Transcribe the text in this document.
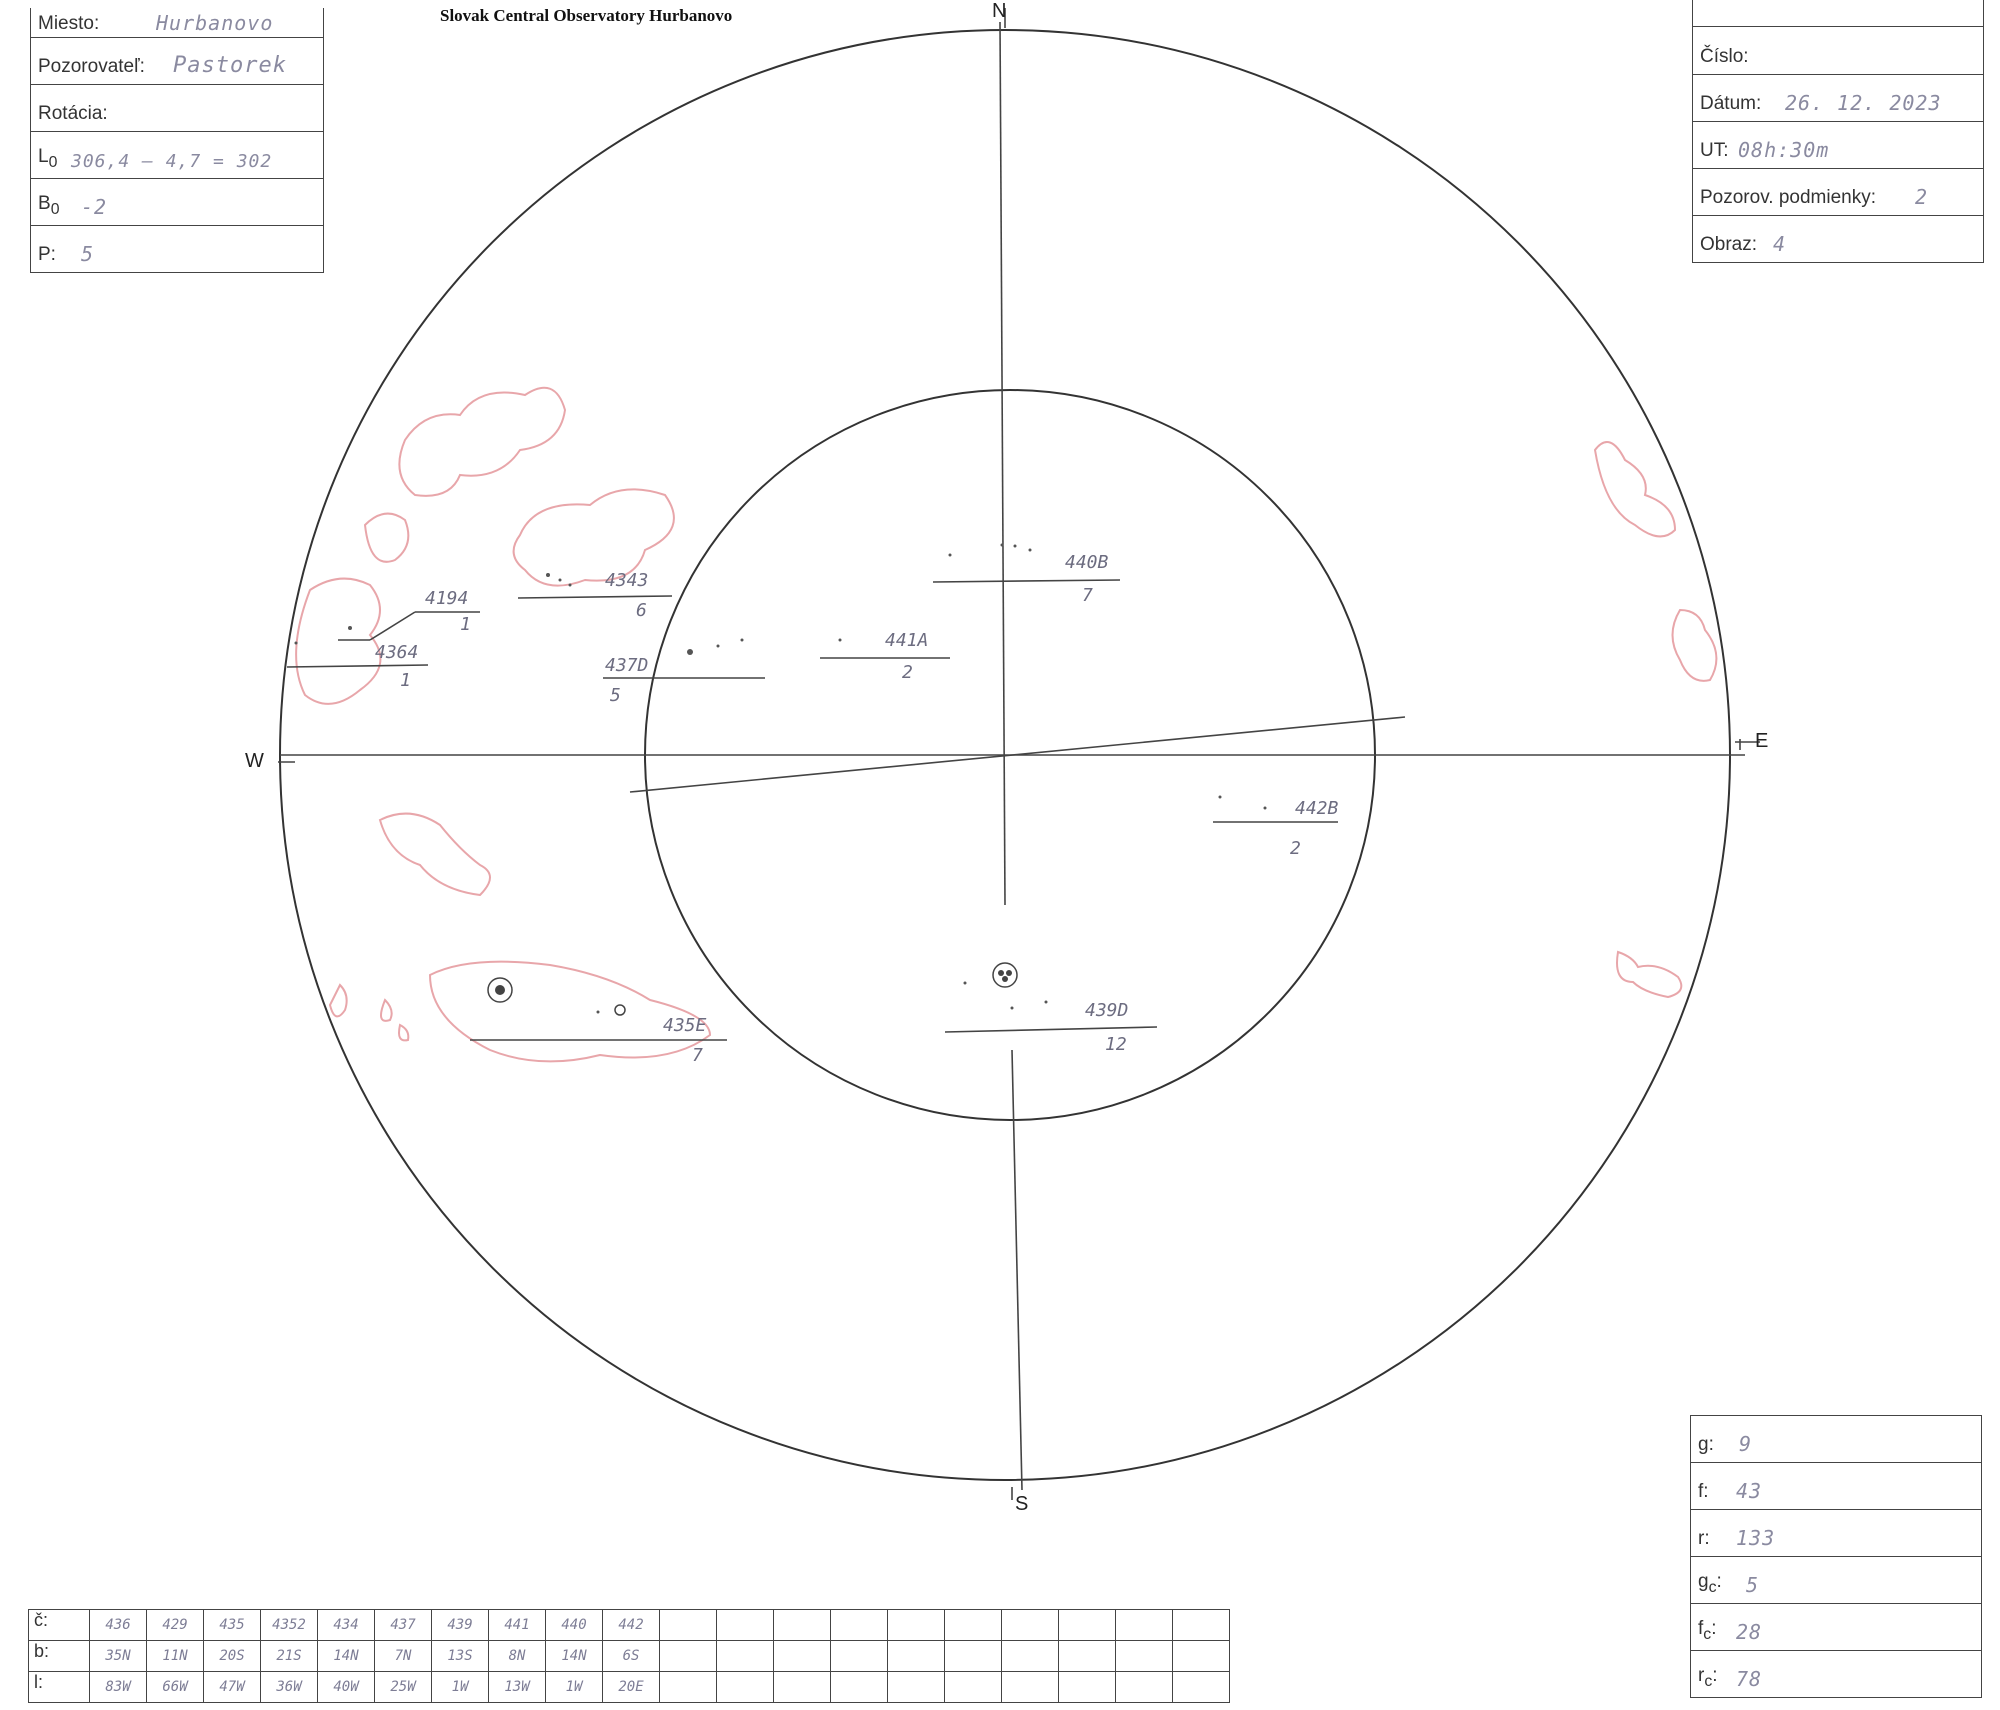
Slovak Central Observatory Hurbanovo
Miesto:	Hurbanovo
Pozorovateľ: Pastorek
Rotácia:
$L_0$ 306,4 – 4,7 = 302
$B_0$ -2
P: 5
Číslo:
Dátum: 26. 12. 2023
UT: 08h:30m
Pozorov. podmienky: 2
Obraz: 4
N
S
E
W
4194
1
4364
1
4343
6
437D
5
441A
2
440B
7
442B
2
435E
7
439D
12
č:	436	429	435	4352	434	437	439	441	440	442										
b:	35N	11N	20S	21S	14N	7N	13S	8N	14N	6S										
l:	83W	66W	47W	36W	40W	25W	1W	13W	1W	20E										
g: 9
f: 43
r: 133
$g_c$: 5
$f_c$: 28
$r_c$: 78
